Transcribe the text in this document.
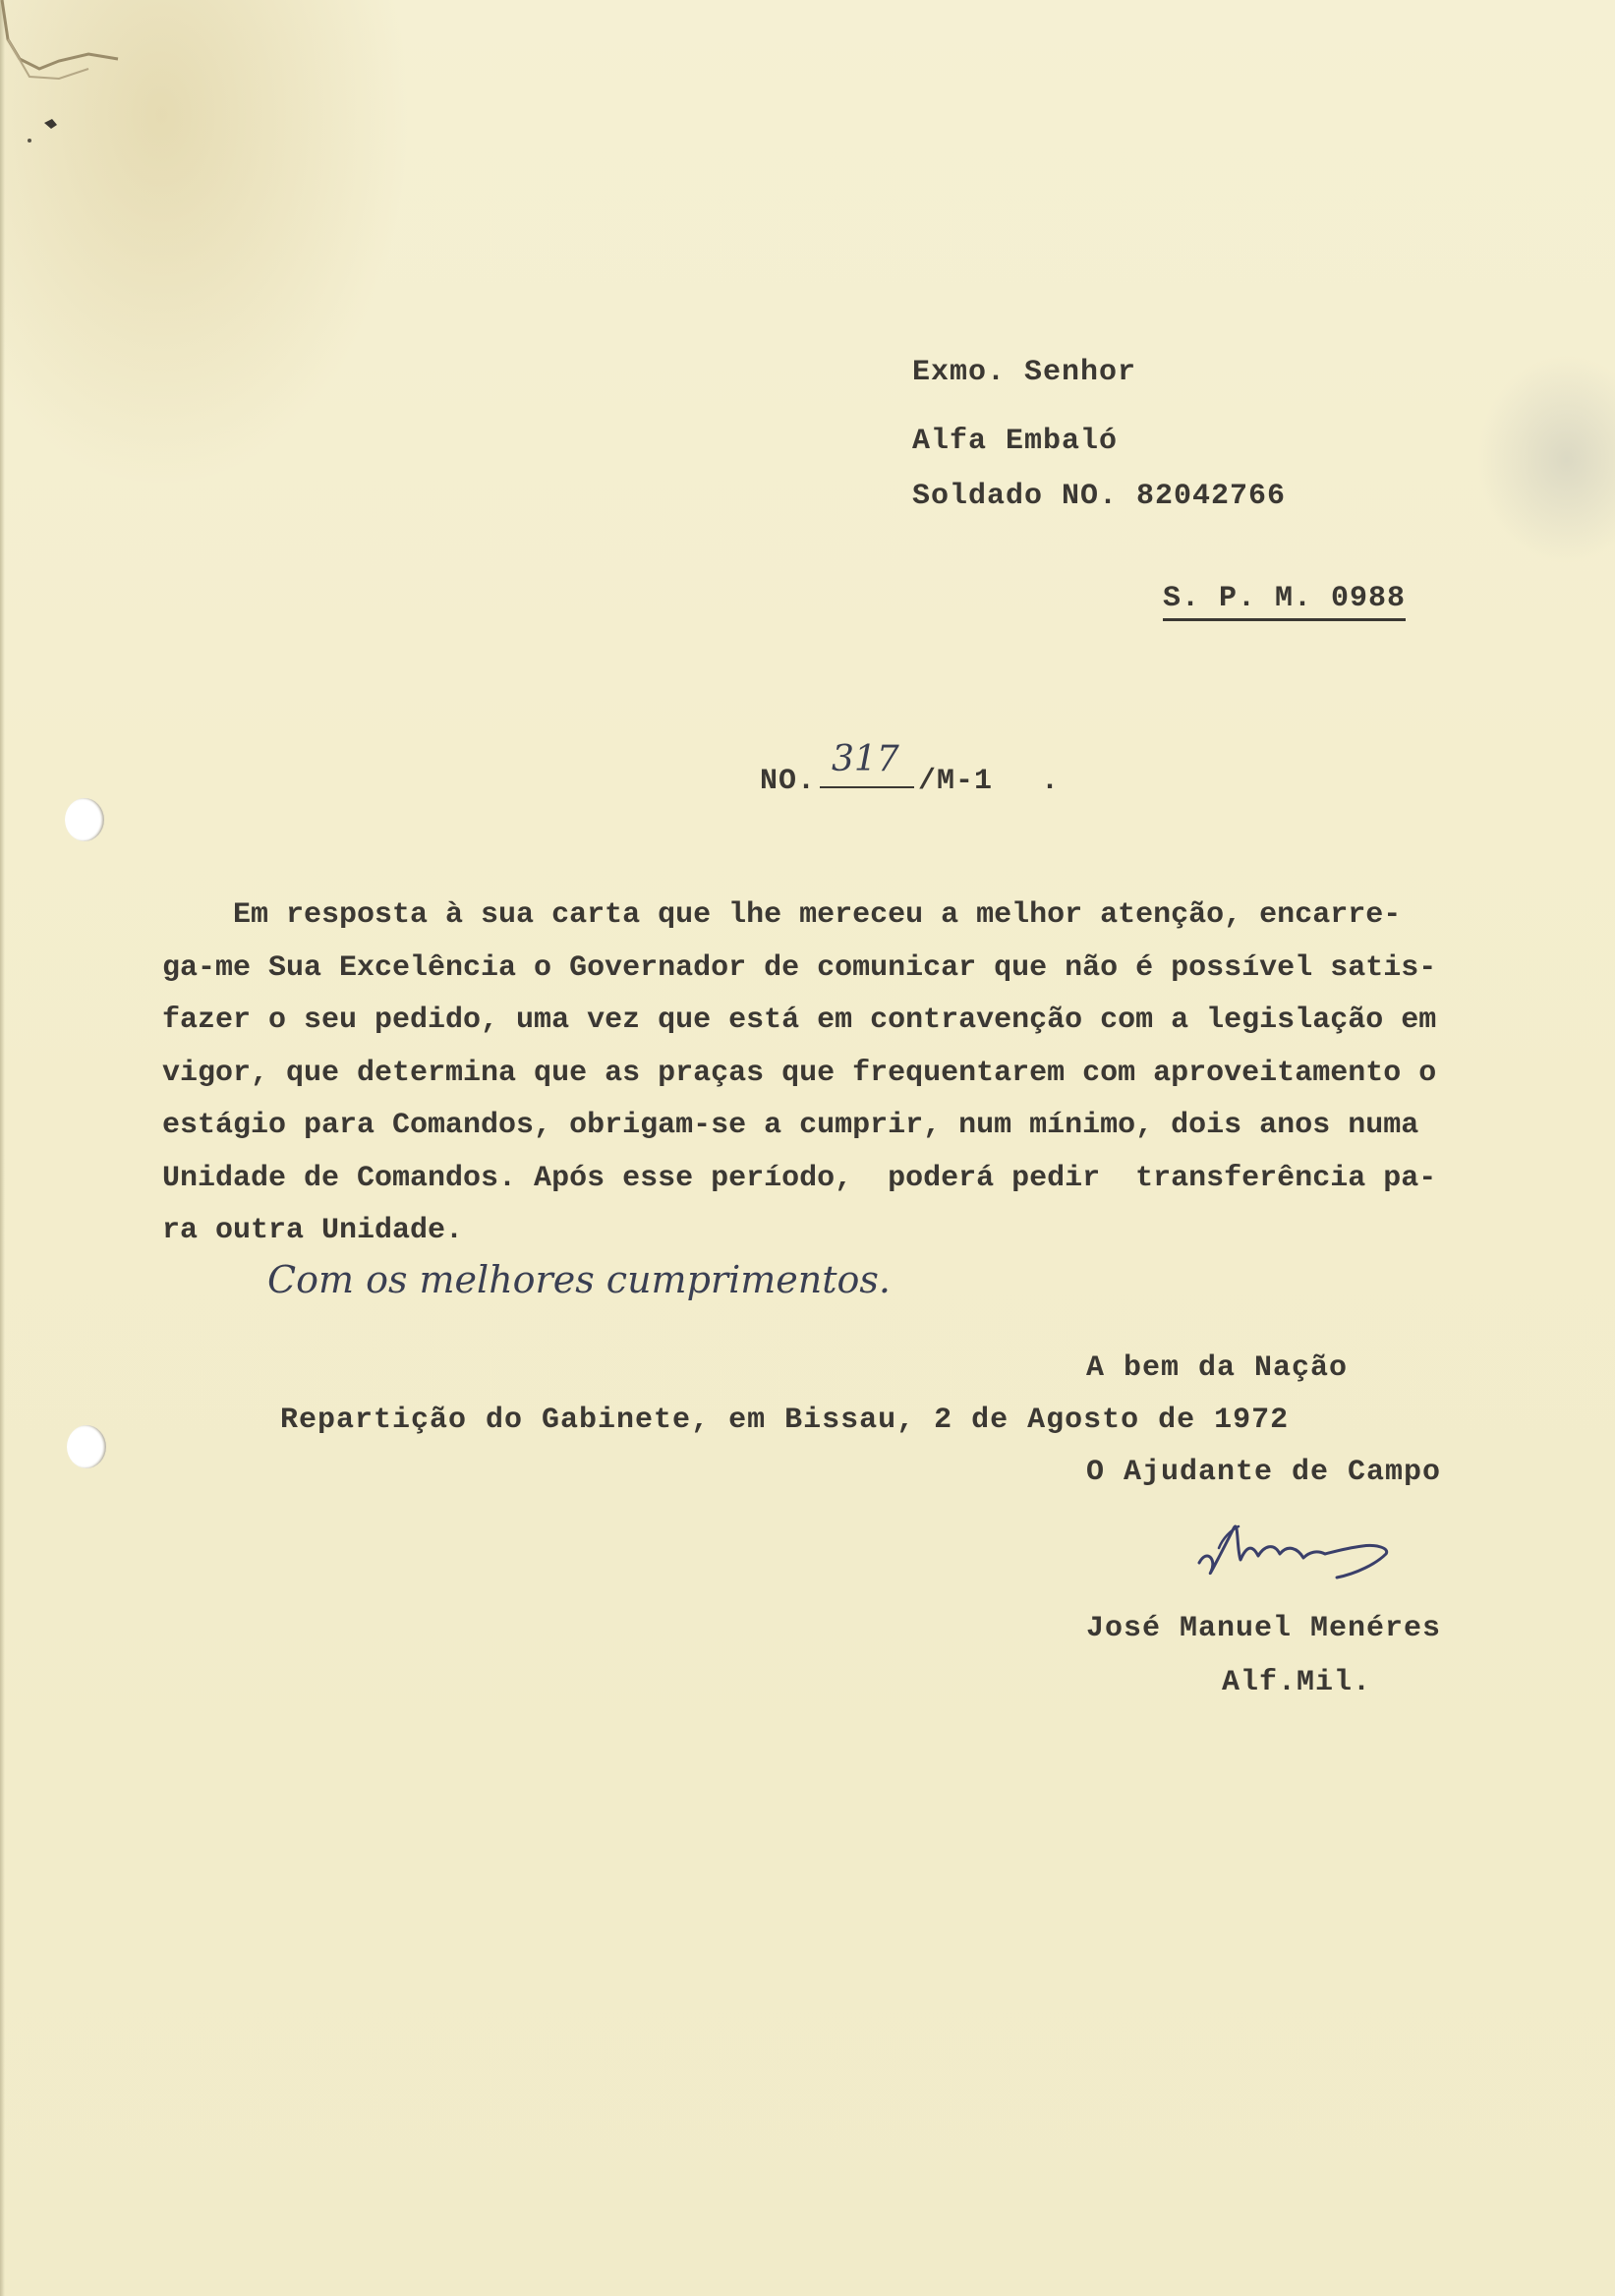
Exmo. Senhor
Alfa Embaló
Soldado NO. 82042766
S. P. M. 0988
NO.
317
/M-1 .
Em resposta à sua carta que lhe mereceu a melhor atenção, encarre-
ga-me Sua Excelência o Governador de comunicar que não é possível satis-
fazer o seu pedido, uma vez que está em contravenção com a legislação em
vigor, que determina que as praças que frequentarem com aproveitamento o
estágio para Comandos, obrigam-se a cumprir, num mínimo, dois anos numa
Unidade de Comandos. Após esse período,  poderá pedir  transferência pa-
ra outra Unidade.
Com os melhores cumprimentos.
A bem da Nação
Repartição do Gabinete, em Bissau, 2 de Agosto de 1972
O Ajudante de Campo
José Manuel Menéres
Alf.Mil.
